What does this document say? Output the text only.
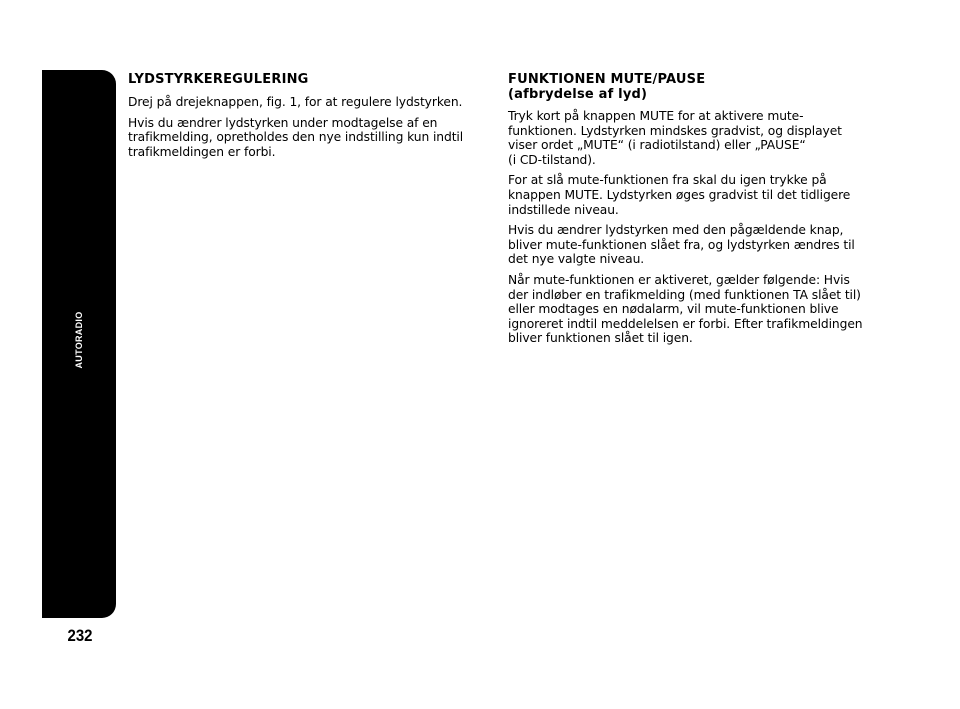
AUTORADIO
232
LYDSTYRKEREGULERING

Drej på drejeknappen, fig. 1, for at regulere lydstyrken.

Hvis du ændrer lydstyrken under modtagelse af en trafikmelding, opretholdes den nye indstilling kun indtil trafikmeldingen er forbi.

FUNKTIONEN MUTE/PAUSE
(afbrydelse af lyd)

Tryk kort på knappen MUTE for at aktivere mute-funktionen. Lydstyrken mindskes gradvist, og displayet viser ordet „MUTE“ (i radiotilstand) eller „PAUSE“
(i CD-tilstand).

For at slå mute-funktionen fra skal du igen trykke på knappen MUTE. Lydstyrken øges gradvist til det tidligere indstillede niveau.

Hvis du ændrer lydstyrken med den pågældende knap, bliver mute-funktionen slået fra, og lydstyrken ændres til det nye valgte niveau.

Når mute-funktionen er aktiveret, gælder følgende: Hvis der indløber en trafikmelding (med funktionen TA slået til) eller modtages en nødalarm, vil mute-funktionen blive ignoreret indtil meddelelsen er forbi. Efter trafikmeldingen bliver funktionen slået til igen.
